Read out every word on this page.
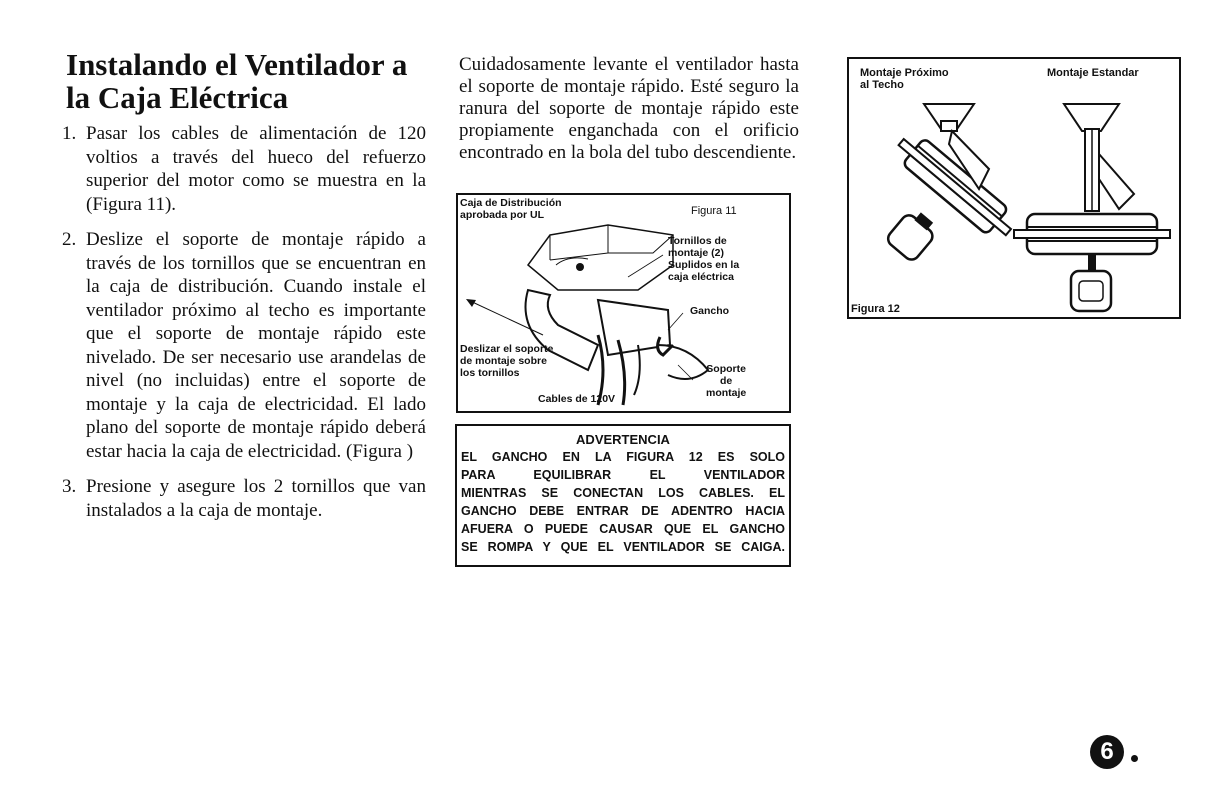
Instalando el Ventilador a la Caja Eléctrica
1. Pasar los cables de alimentación de 120 voltios a través del hueco del refuerzo superior del motor como se muestra en la (Figura 11).
2. Deslize el soporte de montaje rápido a través de los tornillos que se encuentran en la caja de distribución. Cuando instale el ventilador próximo al techo es importante que el soporte de montaje rápido este nivelado. De ser necesario use arandelas de nivel (no incluidas) entre el soporte de montaje y la caja de electricidad. El lado plano del soporte de montaje rápido deberá estar hacia la caja de electricidad. (Figura )
3. Presione y asegure los 2 tornillos que van instalados a la caja de montaje.

Cuidadosamente levante el ventilador hasta el soporte de montaje rápido. Esté seguro la ranura del soporte de montaje rápido este propiamente enganchada con el orificio encontrado en la bola del tubo descendiente.

Caja de Distribución
aprobada por UL	Figura 11
Tornillos de
montaje (2)
Suplidos en la
caja eléctrica
Gancho
Deslizar el soporte
de montaje sobre
los tornillos	Soporte
de
montaje
Cables de 120V
ADVERTENCIA
EL GANCHO EN LA FIGURA 12 ES SOLO
PARA EQUILIBRAR EL VENTILADOR
MIENTRAS SE CONECTAN LOS CABLES. EL
GANCHO DEBE ENTRAR DE ADENTRO HACIA
AFUERA O PUEDE CAUSAR QUE EL GANCHO
SE ROMPA Y QUE EL VENTILADOR SE CAIGA.
Montaje Próximo
al Techo
Montaje Estandar
Figura 12
6
